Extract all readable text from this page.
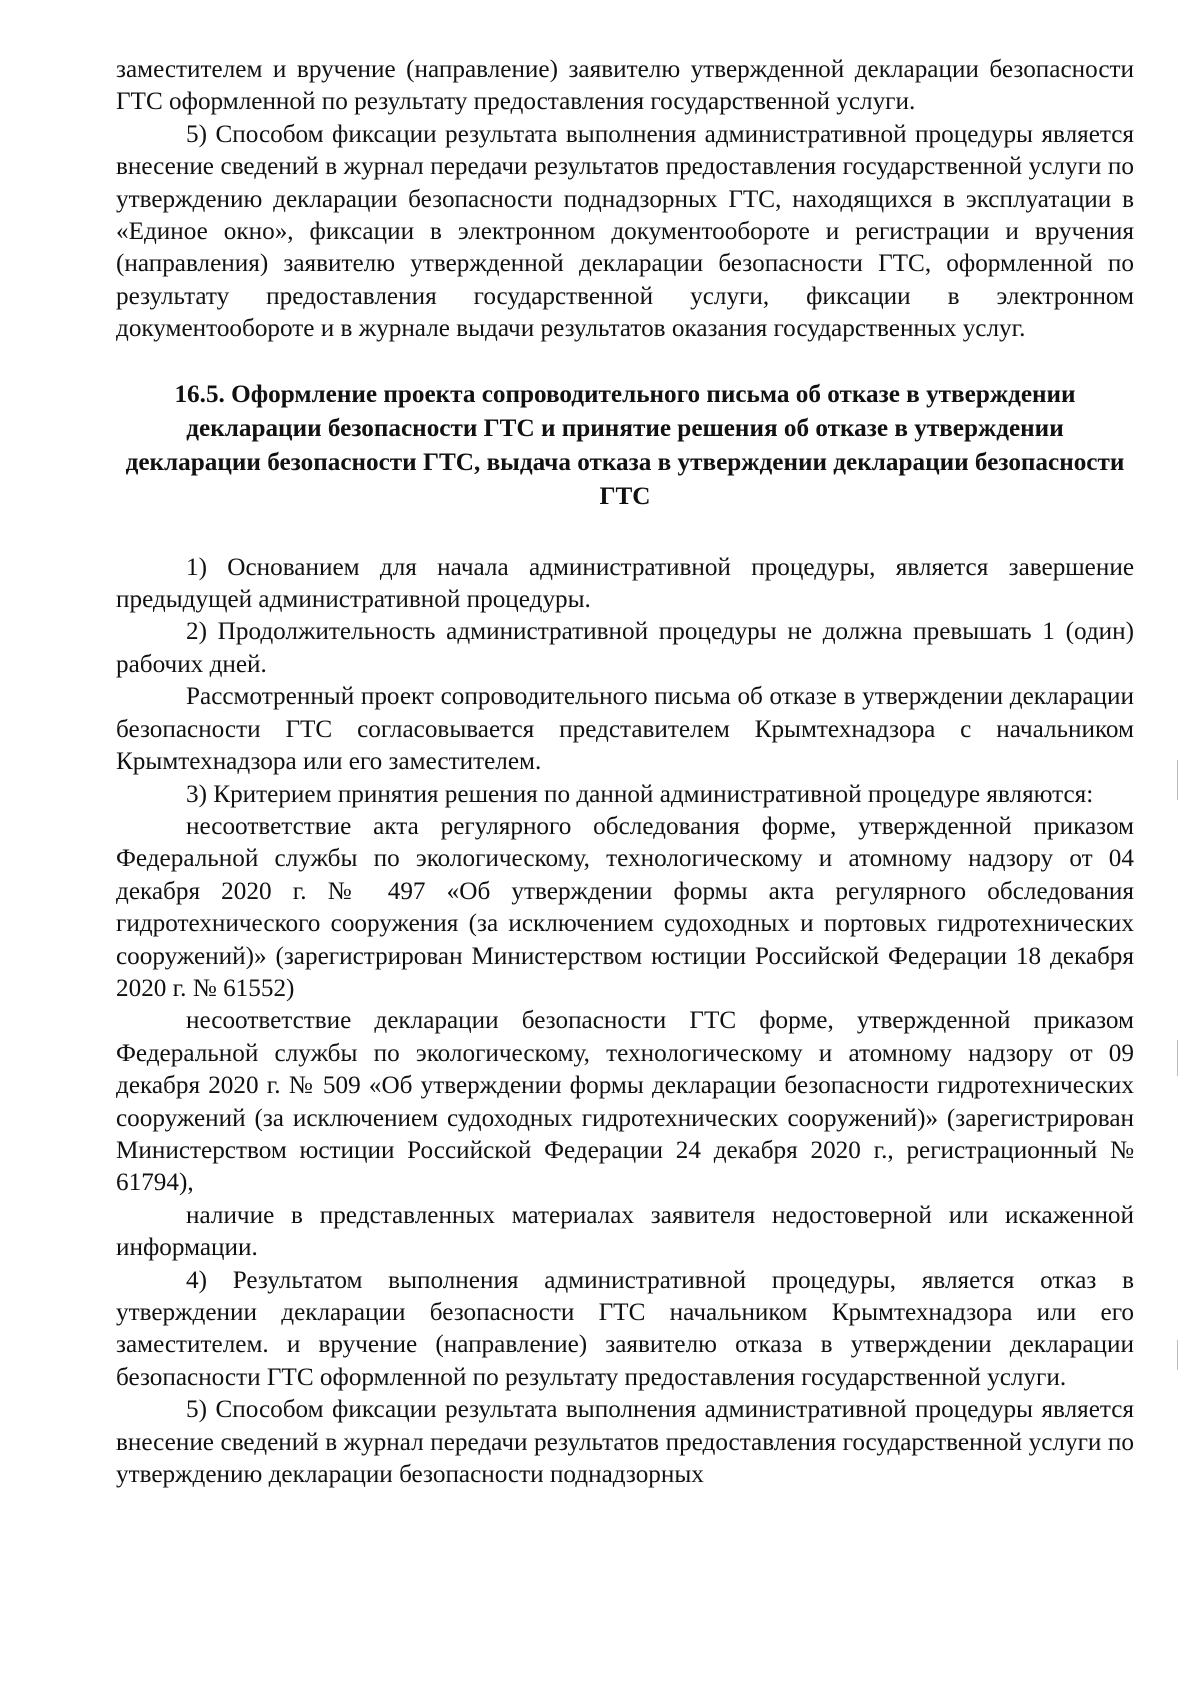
заместителем и вручение (направление) заявителю утвержденной декларации безопасности ГТС оформленной по результату предоставления государственной услуги.

5) Способом фиксации результата выполнения административной процедуры является внесение сведений в журнал передачи результатов предоставления государственной услуги по утверждению декларации безопасности поднадзорных ГТС, находящихся в эксплуатации в «Единое окно», фиксации в электронном документообороте и регистрации и вручения (направления) заявителю утвержденной декларации безопасности ГТС, оформленной по результату предоставления государственной услуги, фиксации в электронном документообороте и в журнале выдачи результатов оказания государственных услуг.

16.5. Оформление проекта сопроводительного письма об отказе в утверждении декларации безопасности ГТС и принятие решения об отказе в утверждении декларации безопасности ГТС, выдача отказа в утверждении декларации безопасности ГТС

1) Основанием для начала административной процедуры, является завершение предыдущей административной процедуры.

2) Продолжительность административной процедуры не должна превышать 1 (один) рабочих дней.

Рассмотренный проект сопроводительного письма об отказе в утверждении декларации безопасности ГТС согласовывается представителем Крымтехнадзора с начальником Крымтехнадзора или его заместителем.

3) Критерием принятия решения по данной административной процедуре являются:

несоответствие акта регулярного обследования форме, утвержденной приказом Федеральной службы по экологическому, технологическому и атомному надзору от 04 декабря 2020 г. № 497 «Об утверждении формы акта регулярного обследования гидротехнического сооружения (за исключением судоходных и портовых гидротехнических сооружений)» (зарегистрирован Министерством юстиции Российской Федерации 18 декабря 2020 г. № 61552)

несоответствие декларации безопасности ГТС форме, утвержденной приказом Федеральной службы по экологическому, технологическому и атомному надзору от 09 декабря 2020 г. № 509 «Об утверждении формы декларации безопасности гидротехнических сооружений (за исключением судоходных гидротехнических сооружений)» (зарегистрирован Министерством юстиции Российской Федерации 24 декабря 2020 г., регистрационный № 61794),

наличие в представленных материалах заявителя недостоверной или искаженной информации.

4) Результатом выполнения административной процедуры, является отказ в утверждении декларации безопасности ГТС начальником Крымтехнадзора или его заместителем. и вручение (направление) заявителю отказа в утверждении декларации безопасности ГТС оформленной по результату предоставления государственной услуги.

5) Способом фиксации результата выполнения административной процедуры является внесение сведений в журнал передачи результатов предоставления государственной услуги по утверждению декларации безопасности поднадзорных
